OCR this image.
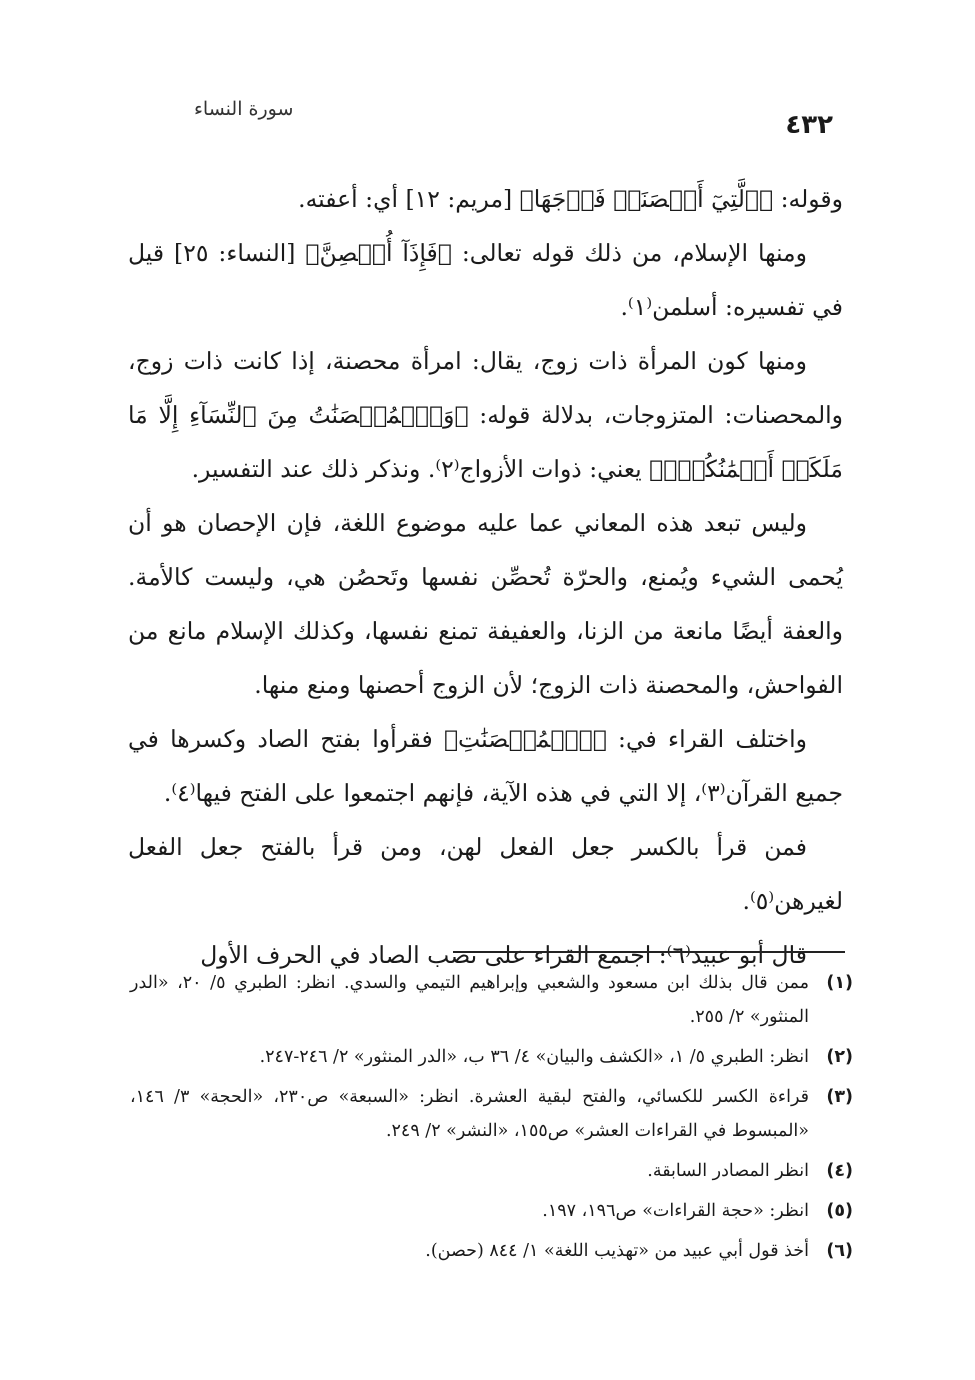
٤٣٢
سورة النساء

وقوله: ﴿ٱلَّتِيٓ أَحۡصَنَتۡ فَرۡجَهَا﴾ [مريم: ١٢] أي: أعفته.

ومنها الإسلام، من ذلك قوله تعالى: ﴿فَإِذَآ أُحۡصِنَّ﴾ [النساء: ٢٥] قيل في تفسيره: أسلمن⁽١⁾.

ومنها كون المرأة ذات زوج، يقال: امرأة محصنة، إذا كانت ذات زوج، والمحصنات: المتزوجات، بدلالة قوله: ﴿وَٱلۡمُحۡصَنَٰتُ مِنَ ٱلنِّسَآءِ إِلَّا مَا مَلَكَتۡ أَيۡمَٰنُكُمۡۖ﴾ يعني: ذوات الأزواج⁽٢⁾. ونذكر ذلك عند التفسير.

وليس تبعد هذه المعاني عما عليه موضوع اللغة، فإن الإحصان هو أن يُحمى الشيء ويُمنع، والحرّة تُحصِّن نفسها وتَحصُن هي، وليست كالأمة. والعفة أيضًا مانعة من الزنا، والعفيفة تمنع نفسها، وكذلك الإسلام مانع من الفواحش، والمحصنة ذات الزوج؛ لأن الزوج أحصنها ومنع منها.

واختلف القراء في: ﴿ٱلۡمُحۡصَنَٰتِ﴾ فقرأوا بفتح الصاد وكسرها في جميع القرآن⁽٣⁾، إلا التي في هذه الآية، فإنهم اجتمعوا على الفتح فيها⁽٤⁾.

فمن قرأ بالكسر جعل الفعل لهن، ومن قرأ بالفتح جعل الفعل لغيرهن⁽٥⁾.

قال أبو عبيد⁽٦⁾: اجتمع القراء على نصب الصاد في الحرف الأول

(١)
ممن قال بذلك ابن مسعود والشعبي وإبراهيم التيمي والسدي. انظر: الطبري ٥/ ٢٠، «الدر المنثور» ٢/ ٢٥٥.
(٢)
انظر: الطبري ٥/ ١، «الكشف والبيان» ٤/ ٣٦ ب، «الدر المنثور» ٢/ ٢٤٦-٢٤٧.
(٣)
قراءة الكسر للكسائي، والفتح لبقية العشرة. انظر: «السبعة» ص٢٣٠، «الحجة» ٣/ ١٤٦، «المبسوط في القراءات العشر» ص١٥٥، «النشر» ٢/ ٢٤٩.
(٤)
انظر المصادر السابقة.
(٥)
انظر: «حجة القراءات» ص١٩٦، ١٩٧.
(٦)
أخذ قول أبي عبيد من «تهذيب اللغة» ١/ ٨٤٤ (حصن).
